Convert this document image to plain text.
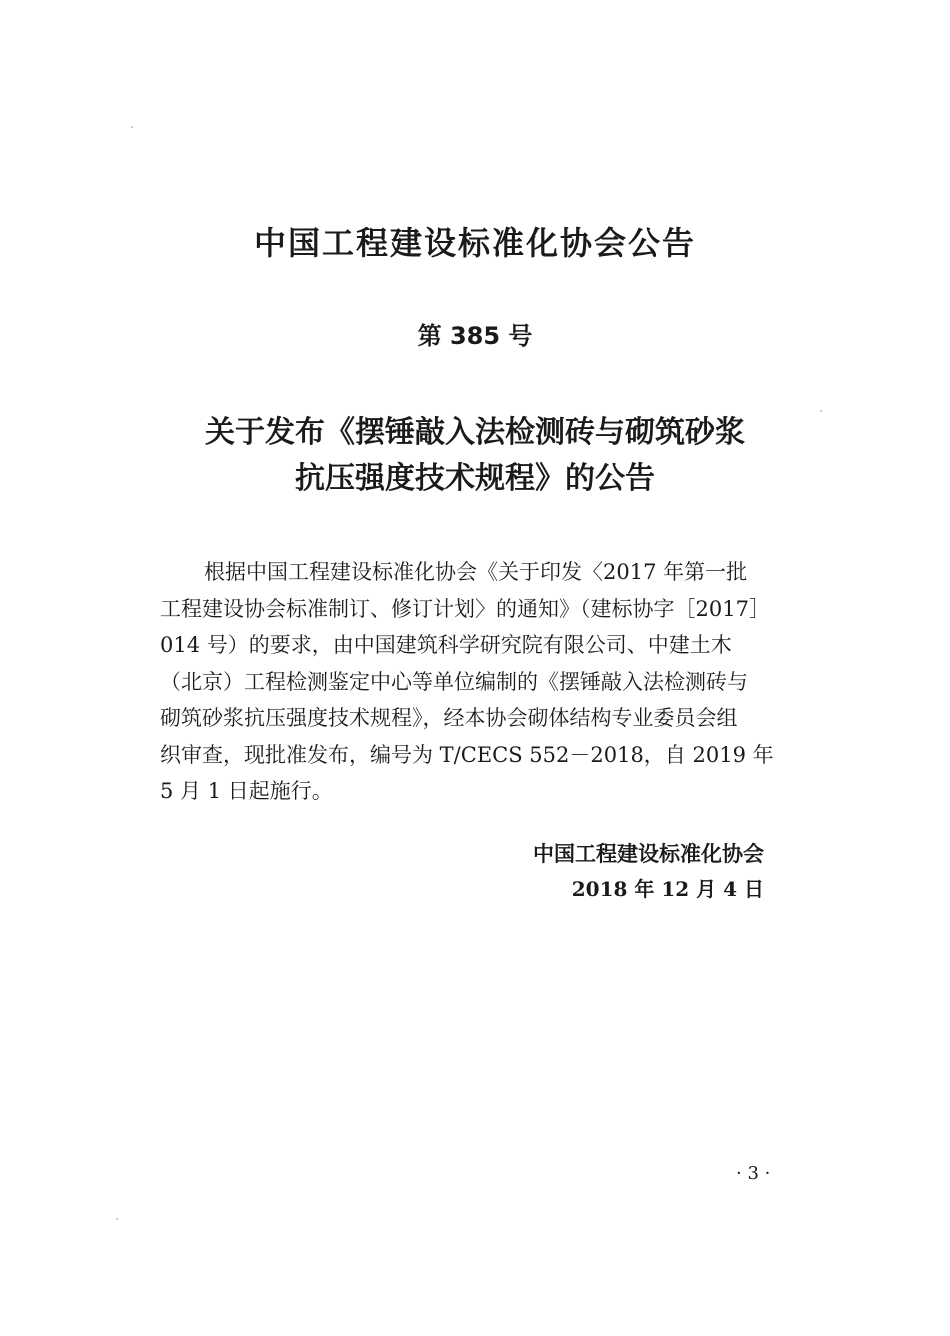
中国工程建设标准化协会公告
第 385 号
关于发布《摆锤敲入法检测砖与砌筑砂浆
抗压强度技术规程》的公告
根据中国工程建设标准化协会《关于印发〈2017 年第一批
工程建设协会标准制订、修订计划〉的通知》（建标协字［2017］
014 号）的要求，由中国建筑科学研究院有限公司、中建土木
（北京）工程检测鉴定中心等单位编制的《摆锤敲入法检测砖与
砌筑砂浆抗压强度技术规程》，经本协会砌体结构专业委员会组
织审查，现批准发布，编号为 T/CECS 552－2018，自 2019 年
5 月 1 日起施行。
中国工程建设标准化协会
2018 年 12 月 4 日
· 3 ·
